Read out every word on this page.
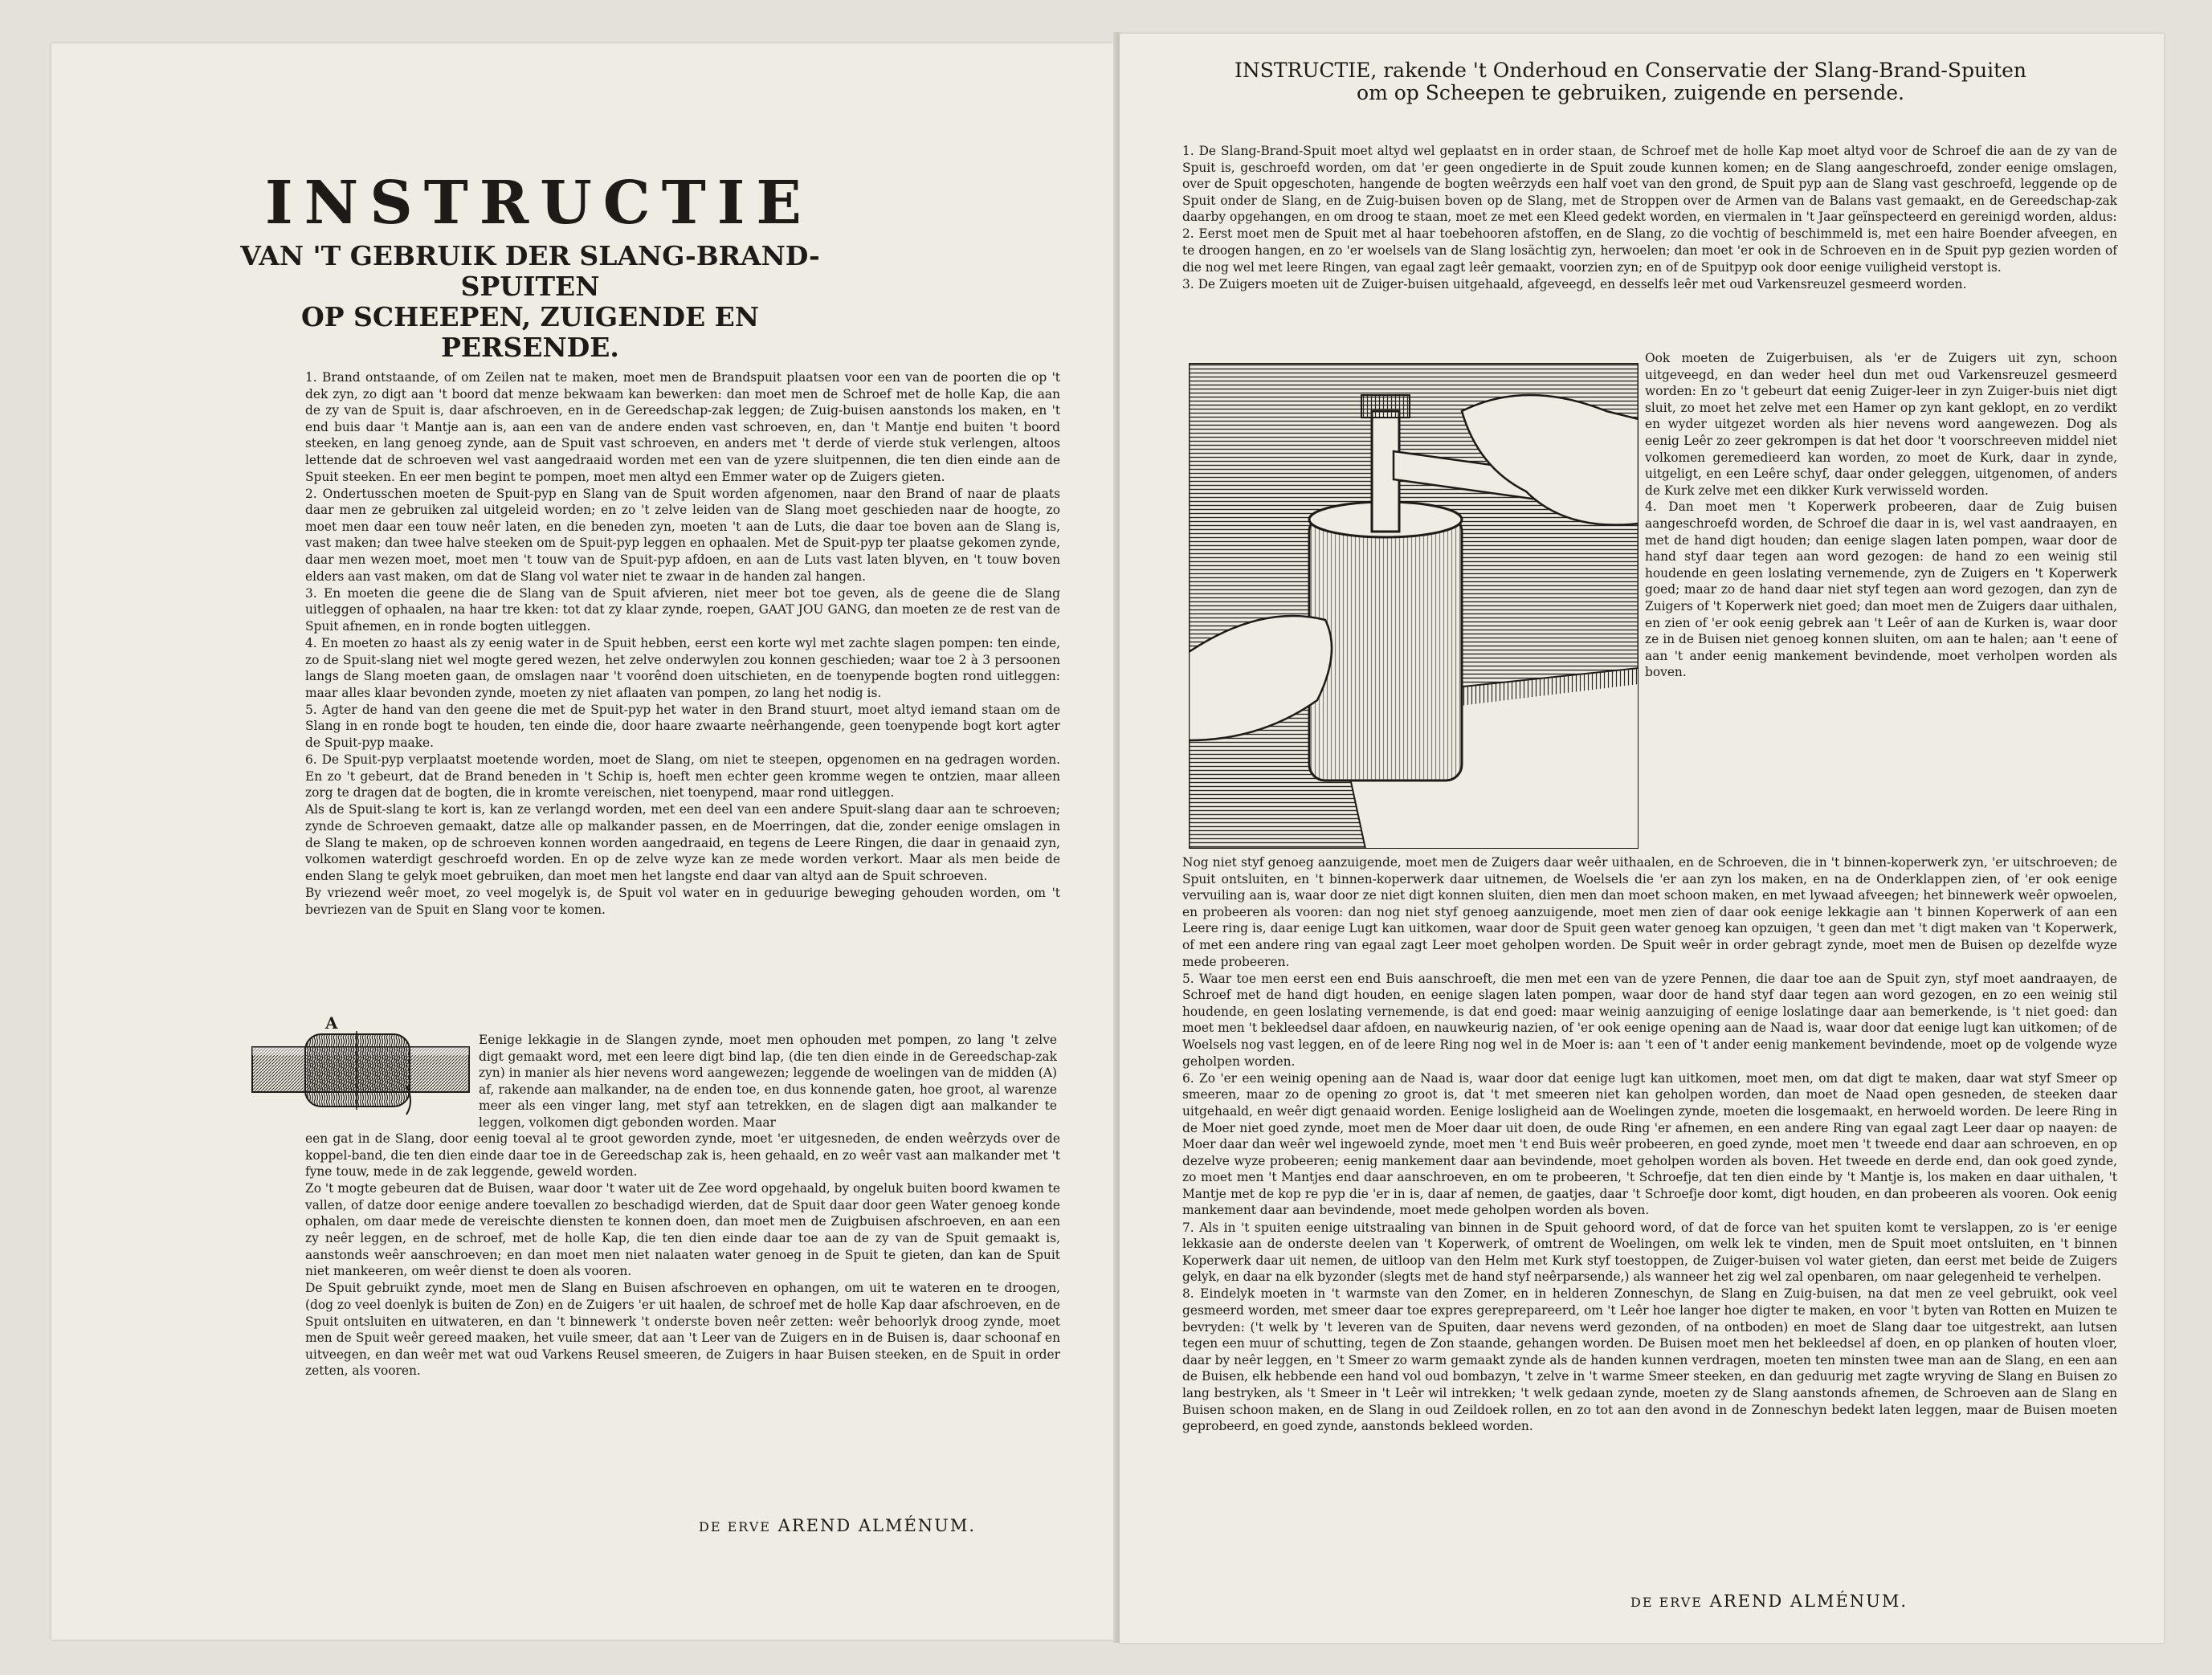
INSTRUCTIE
VAN 'T GEBRUIK DER SLANG-BRAND-SPUITEN
OP SCHEEPEN, ZUIGENDE EN PERSENDE.

1. Brand ontstaande, of om Zeilen nat te maken, moet men de Brandspuit plaatsen voor een van de poorten die op 't dek zyn, zo digt aan 't boord dat menze bekwaam kan bewerken: dan moet men de Schroef met de holle Kap, die aan de zy van de Spuit is, daar afschroeven, en in de Gereedschap-zak leggen; de Zuig-buisen aanstonds los maken, en 't end buis daar 't Mantje aan is, aan een van de andere enden vast schroeven, en, dan 't Mantje end buiten 't boord steeken, en lang genoeg zynde, aan de Spuit vast schroeven, en anders met 't derde of vierde stuk verlengen, altoos lettende dat de schroeven wel vast aangedraaid worden met een van de yzere sluitpennen, die ten dien einde aan de Spuit steeken. En eer men begint te pompen, moet men altyd een Emmer water op de Zuigers gieten.

2. Ondertusschen moeten de Spuit-pyp en Slang van de Spuit worden afgenomen, naar den Brand of naar de plaats daar men ze gebruiken zal uitgeleid worden; en zo 't zelve leiden van de Slang moet geschieden naar de hoogte, zo moet men daar een touw neêr laten, en die beneden zyn, moeten 't aan de Luts, die daar toe boven aan de Slang is, vast maken; dan twee halve steeken om de Spuit-pyp leggen en ophaalen. Met de Spuit-pyp ter plaatse gekomen zynde, daar men wezen moet, moet men 't touw van de Spuit-pyp afdoen, en aan de Luts vast laten blyven, en 't touw boven elders aan vast maken, om dat de Slang vol water niet te zwaar in de handen zal hangen.

3. En moeten die geene die de Slang van de Spuit afvieren, niet meer bot toe geven, als de geene die de Slang uitleggen of ophaalen, na haar tre kken: tot dat zy klaar zynde, roepen, GAAT JOU GANG, dan moeten ze de rest van de Spuit afnemen, en in ronde bogten uitleggen.

4. En moeten zo haast als zy eenig water in de Spuit hebben, eerst een korte wyl met zachte slagen pompen: ten einde, zo de Spuit-slang niet wel mogte gered wezen, het zelve onderwylen zou konnen geschieden; waar toe 2 à 3 persoonen langs de Slang moeten gaan, de omslagen naar 't voorênd doen uitschieten, en de toenypende bogten rond uitleggen: maar alles klaar bevonden zynde, moeten zy niet aflaaten van pompen, zo lang het nodig is.

5. Agter de hand van den geene die met de Spuit-pyp het water in den Brand stuurt, moet altyd iemand staan om de Slang in en ronde bogt te houden, ten einde die, door haare zwaarte neêrhangende, geen toenypende bogt kort agter de Spuit-pyp maake.

6. De Spuit-pyp verplaatst moetende worden, moet de Slang, om niet te steepen, opgenomen en na gedragen worden. En zo 't gebeurt, dat de Brand beneden in 't Schip is, hoeft men echter geen kromme wegen te ontzien, maar alleen zorg te dragen dat de bogten, die in kromte vereischen, niet toenypend, maar rond uitleggen.

Als de Spuit-slang te kort is, kan ze verlangd worden, met een deel van een andere Spuit-slang daar aan te schroeven; zynde de Schroeven gemaakt, datze alle op malkander passen, en de Moerringen, dat die, zonder eenige omslagen in de Slang te maken, op de schroeven konnen worden aangedraaid, en tegens de Leere Ringen, die daar in genaaid zyn, volkomen waterdigt geschroefd worden. En op de zelve wyze kan ze mede worden verkort. Maar als men beide de enden Slang te gelyk moet gebruiken, dan moet men het langste end daar van altyd aan de Spuit schroeven.

By vriezend weêr moet, zo veel mogelyk is, de Spuit vol water en in geduurige beweging gehouden worden, om 't bevriezen van de Spuit en Slang voor te komen.

A
Eenige lekkagie in de Slangen zynde, moet men ophouden met pompen, zo lang 't zelve digt gemaakt word, met een leere digt bind lap, (die ten dien einde in de Gereedschap-zak zyn) in manier als hier nevens word aangewezen; leggende de woelingen van de midden (A) af, rakende aan malkander, na de enden toe, en dus konnende gaten, hoe groot, al warenze meer als een vinger lang, met styf aan tetrekken, en de slagen digt aan malkander te leggen, volkomen digt gebonden worden. Maar

een gat in de Slang, door eenig toeval al te groot geworden zynde, moet 'er uitgesneden, de enden weêrzyds over de koppel-band, die ten dien einde daar toe in de Gereedschap zak is, heen gehaald, en zo weêr vast aan malkander met 't fyne touw, mede in de zak leggende, geweld worden.

Zo 't mogte gebeuren dat de Buisen, waar door 't water uit de Zee word opgehaald, by ongeluk buiten boord kwamen te vallen, of datze door eenige andere toevallen zo beschadigd wierden, dat de Spuit daar door geen Water genoeg konde ophalen, om daar mede de vereischte diensten te konnen doen, dan moet men de Zuigbuisen afschroeven, en aan een zy neêr leggen, en de schroef, met de holle Kap, die ten dien einde daar toe aan de zy van de Spuit gemaakt is, aanstonds weêr aanschroeven; en dan moet men niet nalaaten water genoeg in de Spuit te gieten, dan kan de Spuit niet mankeeren, om weêr dienst te doen als vooren.

De Spuit gebruikt zynde, moet men de Slang en Buisen afschroeven en ophangen, om uit te wateren en te droogen, (dog zo veel doenlyk is buiten de Zon) en de Zuigers 'er uit haalen, de schroef met de holle Kap daar afschroeven, en de Spuit ontsluiten en uitwateren, en dan 't binnewerk 't onderste boven neêr zetten: weêr behoorlyk droog zynde, moet men de Spuit weêr gereed maaken, het vuile smeer, dat aan 't Leer van de Zuigers en in de Buisen is, daar schoonaf en uitveegen, en dan weêr met wat oud Varkens Reusel smeeren, de Zuigers in haar Buisen steeken, en de Spuit in order zetten, als vooren.

DE ERVE AREND ALMÉNUM.
INSTRUCTIE, rakende 't Onderhoud en Conservatie der Slang-Brand-Spuiten
om op Scheepen te gebruiken, zuigende en persende.

1. De Slang-Brand-Spuit moet altyd wel geplaatst en in order staan, de Schroef met de holle Kap moet altyd voor de Schroef die aan de zy van de Spuit is, geschroefd worden, om dat 'er geen ongedierte in de Spuit zoude kunnen komen; en de Slang aangeschroefd, zonder eenige omslagen, over de Spuit opgeschoten, hangende de bogten weêrzyds een half voet van den grond, de Spuit pyp aan de Slang vast geschroefd, leggende op de Spuit onder de Slang, en de Zuig-buisen boven op de Slang, met de Stroppen over de Armen van de Balans vast gemaakt, en de Gereedschap-zak daarby opgehangen, en om droog te staan, moet ze met een Kleed gedekt worden, en viermalen in 't Jaar geïnspecteerd en gereinigd worden, aldus:

2. Eerst moet men de Spuit met al haar toebehooren afstoffen, en de Slang, zo die vochtig of beschimmeld is, met een haire Boender afveegen, en te droogen hangen, en zo 'er woelsels van de Slang losächtig zyn, herwoelen; dan moet 'er ook in de Schroeven en in de Spuit pyp gezien worden of die nog wel met leere Ringen, van egaal zagt leêr gemaakt, voorzien zyn; en of de Spuitpyp ook door eenige vuiligheid verstopt is.

3. De Zuigers moeten uit de Zuiger-buisen uitgehaald, afgeveegd, en desselfs leêr met oud Varkensreuzel gesmeerd worden.

Ook moeten de Zuigerbuisen, als 'er de Zuigers uit zyn, schoon uitgeveegd, en dan weder heel dun met oud Varkensreuzel gesmeerd worden: En zo 't gebeurt dat eenig Zuiger-leer in zyn Zuiger-buis niet digt sluit, zo moet het zelve met een Hamer op zyn kant geklopt, en zo verdikt en wyder uitgezet worden als hier nevens word aangewezen. Dog als eenig Leêr zo zeer gekrompen is dat het door 't voorschreeven middel niet volkomen geremedieerd kan worden, zo moet de Kurk, daar in zynde, uitgeligt, en een Leêre schyf, daar onder geleggen, uitgenomen, of anders de Kurk zelve met een dikker Kurk verwisseld worden.

4. Dan moet men 't Koperwerk probeeren, daar de Zuig buisen aangeschroefd worden, de Schroef die daar in is, wel vast aandraayen, en met de hand digt houden; dan eenige slagen laten pompen, waar door de hand styf daar tegen aan word gezogen: de hand zo een weinig stil houdende en geen loslating vernemende, zyn de Zuigers en 't Koperwerk goed; maar zo de hand daar niet styf tegen aan word gezogen, dan zyn de Zuigers of 't Koperwerk niet goed; dan moet men de Zuigers daar uithalen, en zien of 'er ook eenig gebrek aan 't Leêr of aan de Kurken is, waar door ze in de Buisen niet genoeg konnen sluiten, om aan te halen; aan 't eene of aan 't ander eenig mankement bevindende, moet verholpen worden als boven.

Nog niet styf genoeg aanzuigende, moet men de Zuigers daar weêr uithaalen, en de Schroeven, die in 't binnen-koperwerk zyn, 'er uitschroeven; de Spuit ontsluiten, en 't binnen-koperwerk daar uitnemen, de Woelsels die 'er aan zyn los maken, en na de Onderklappen zien, of 'er ook eenige vervuiling aan is, waar door ze niet digt konnen sluiten, dien men dan moet schoon maken, en met lywaad afveegen; het binnewerk weêr opwoelen, en probeeren als vooren: dan nog niet styf genoeg aanzuigende, moet men zien of daar ook eenige lekkagie aan 't binnen Koperwerk of aan een Leere ring is, daar eenige Lugt kan uitkomen, waar door de Spuit geen water genoeg kan opzuigen, 't geen dan met 't digt maken van 't Koperwerk, of met een andere ring van egaal zagt Leer moet geholpen worden. De Spuit weêr in order gebragt zynde, moet men de Buisen op dezelfde wyze mede probeeren.

5. Waar toe men eerst een end Buis aanschroeft, die men met een van de yzere Pennen, die daar toe aan de Spuit zyn, styf moet aandraayen, de Schroef met de hand digt houden, en eenige slagen laten pompen, waar door de hand styf daar tegen aan word gezogen, en zo een weinig stil houdende, en geen loslating vernemende, is dat end goed: maar weinig aanzuiging of eenige loslatinge daar aan bemerkende, is 't niet goed: dan moet men 't bekleedsel daar afdoen, en nauwkeurig nazien, of 'er ook eenige opening aan de Naad is, waar door dat eenige lugt kan uitkomen; of de Woelsels nog vast leggen, en of de leere Ring nog wel in de Moer is: aan 't een of 't ander eenig mankement bevindende, moet op de volgende wyze geholpen worden.

6. Zo 'er een weinig opening aan de Naad is, waar door dat eenige lugt kan uitkomen, moet men, om dat digt te maken, daar wat styf Smeer op smeeren, maar zo de opening zo groot is, dat 't met smeeren niet kan geholpen worden, dan moet de Naad open gesneden, de steeken daar uitgehaald, en weêr digt genaaid worden. Eenige losligheid aan de Woelingen zynde, moeten die losgemaakt, en herwoeld worden. De leere Ring in de Moer niet goed zynde, moet men de Moer daar uit doen, de oude Ring 'er afnemen, en een andere Ring van egaal zagt Leer daar op naayen: de Moer daar dan weêr wel ingewoeld zynde, moet men 't end Buis weêr probeeren, en goed zynde, moet men 't tweede end daar aan schroeven, en op dezelve wyze probeeren; eenig mankement daar aan bevindende, moet geholpen worden als boven. Het tweede en derde end, dan ook goed zynde, zo moet men 't Mantjes end daar aanschroeven, en om te probeeren, 't Schroefje, dat ten dien einde by 't Mantje is, los maken en daar uithalen, 't Mantje met de kop re pyp die 'er in is, daar af nemen, de gaatjes, daar 't Schroefje door komt, digt houden, en dan probeeren als vooren. Ook eenig mankement daar aan bevindende, moet mede geholpen worden als boven.

7. Als in 't spuiten eenige uitstraaling van binnen in de Spuit gehoord word, of dat de force van het spuiten komt te verslappen, zo is 'er eenige lekkasie aan de onderste deelen van 't Koperwerk, of omtrent de Woelingen, om welk lek te vinden, men de Spuit moet ontsluiten, en 't binnen Koperwerk daar uit nemen, de uitloop van den Helm met Kurk styf toestoppen, de Zuiger-buisen vol water gieten, dan eerst met beide de Zuigers gelyk, en daar na elk byzonder (slegts met de hand styf neêrparsende,) als wanneer het zig wel zal openbaren, om naar gelegenheid te verhelpen.

8. Eindelyk moeten in 't warmste van den Zomer, en in helderen Zonneschyn, de Slang en Zuig-buisen, na dat men ze veel gebruikt, ook veel gesmeerd worden, met smeer daar toe expres gereprepareerd, om 't Leêr hoe langer hoe digter te maken, en voor 't byten van Rotten en Muizen te bevryden: ('t welk by 't leveren van de Spuiten, daar nevens werd gezonden, of na ontboden) en moet de Slang daar toe uitgestrekt, aan lutsen tegen een muur of schutting, tegen de Zon staande, gehangen worden. De Buisen moet men het bekleedsel af doen, en op planken of houten vloer, daar by neêr leggen, en 't Smeer zo warm gemaakt zynde als de handen kunnen verdragen, moeten ten minsten twee man aan de Slang, en een aan de Buisen, elk hebbende een hand vol oud bombazyn, 't zelve in 't warme Smeer steeken, en dan geduurig met zagte wryving de Slang en Buisen zo lang bestryken, als 't Smeer in 't Leêr wil intrekken; 't welk gedaan zynde, moeten zy de Slang aanstonds afnemen, de Schroeven aan de Slang en Buisen schoon maken, en de Slang in oud Zeildoek rollen, en zo tot aan den avond in de Zonneschyn bedekt laten leggen, maar de Buisen moeten geprobeerd, en goed zynde, aanstonds bekleed worden.

DE ERVE AREND ALMÉNUM.
